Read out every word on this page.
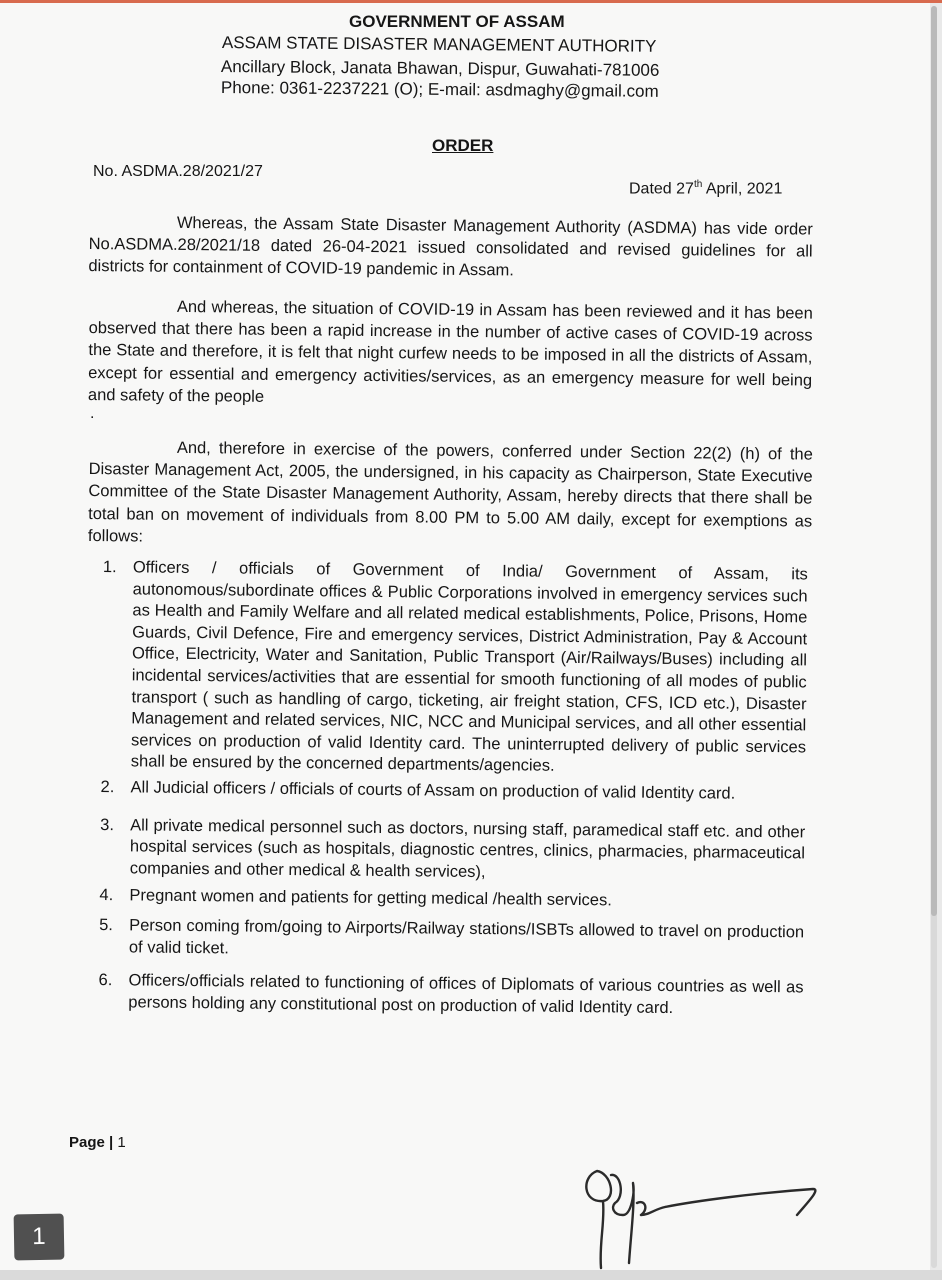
GOVERNMENT OF ASSAM
ASSAM STATE DISASTER MANAGEMENT AUTHORITY
Ancillary Block, Janata Bhawan, Dispur, Guwahati-781006
Phone: 0361-2237221 (O); E-mail: asdmaghy@gmail.com
ORDER
No. ASDMA.28/2021/27
Dated 27th April, 2021

Whereas, the Assam State Disaster Management Authority (ASDMA) has vide order No.ASDMA.28/2021/18 dated 26-04-2021 issued consolidated and revised guidelines for all districts for containment of COVID-19 pandemic in Assam.

And whereas, the situation of COVID-19 in Assam has been reviewed and it has been observed that there has been a rapid increase in the number of active cases of COVID-19 across the State and therefore, it is felt that night curfew needs to be imposed in all the districts of Assam, except for essential and emergency activities/services, as an emergency measure for well being and safety of the people

.

And, therefore in exercise of the powers, conferred under Section 22(2) (h) of the Disaster Management Act, 2005, the undersigned, in his capacity as Chairperson, State Executive Committee of the State Disaster Management Authority, Assam, hereby directs that there shall be total ban on movement of individuals from 8.00 PM to 5.00 AM daily, except for exemptions as follows:

1. Officers / officials of Government of India/ Government of Assam, its autonomous/subordinate offices & Public Corporations involved in emergency services such as Health and Family Welfare and all related medical establishments, Police, Prisons, Home Guards, Civil Defence, Fire and emergency services, District Administration, Pay & Account Office, Electricity, Water and Sanitation, Public Transport (Air/Railways/Buses) including all incidental services/activities that are essential for smooth functioning of all modes of public transport ( such as handling of cargo, ticketing, air freight station, CFS, ICD etc.), Disaster Management and related services, NIC, NCC and Municipal services, and all other essential services on production of valid Identity card. The uninterrupted delivery of public services shall be ensured by the concerned departments/agencies.
2. All Judicial officers / officials of courts of Assam on production of valid Identity card.
3. All private medical personnel such as doctors, nursing staff, paramedical staff etc. and other hospital services (such as hospitals, diagnostic centres, clinics, pharmacies, pharmaceutical companies and other medical & health services),
4. Pregnant women and patients for getting medical /health services.
5. Person coming from/going to Airports/Railway stations/ISBTs allowed to travel on production of valid ticket.
6. Officers/officials related to functioning of offices of Diplomats of various countries as well as persons holding any constitutional post on production of valid Identity card.
Page | 1
1
